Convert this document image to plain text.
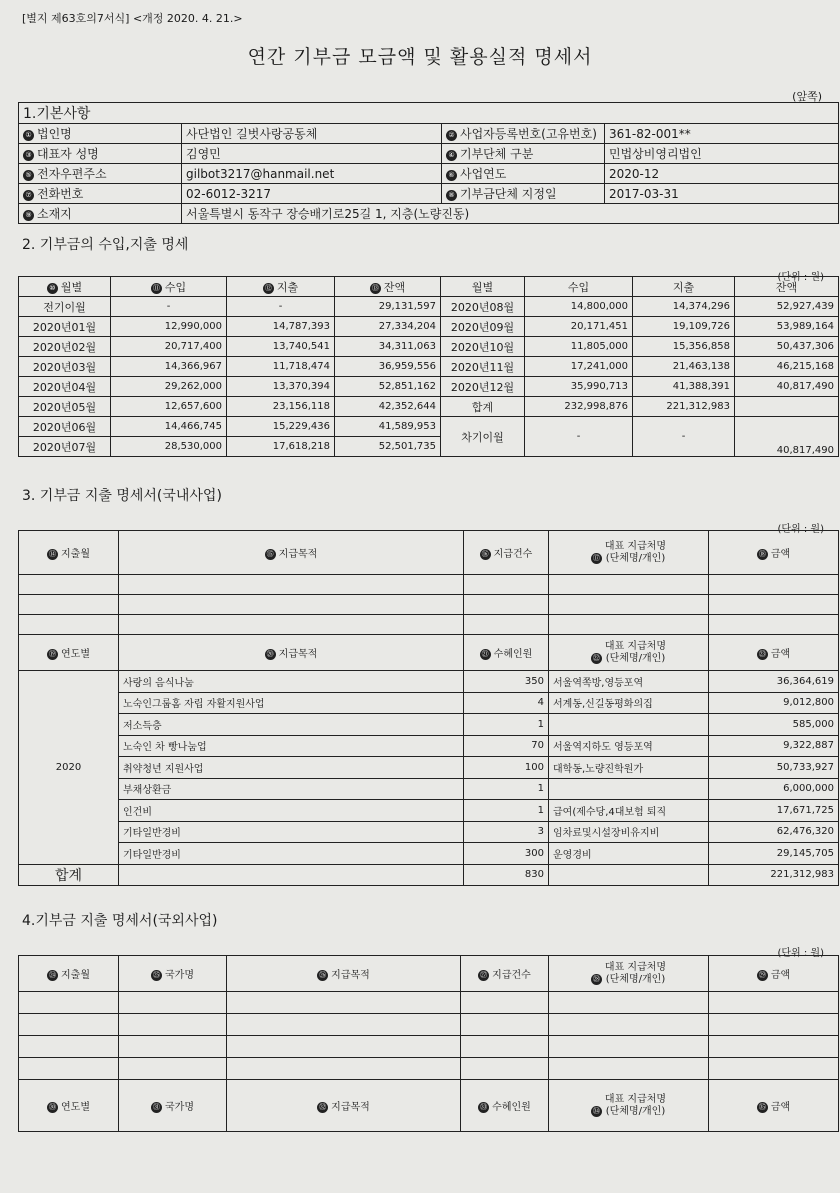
[별지 제63호의7서식] <개정 2020. 4. 21.>
연간 기부금 모금액 및 활용실적 명세서
(앞쪽)
1.기본사항			
① 법인명	사단법인 길벗사랑공동체	② 사업자등록번호(고유번호)	361-82-001**
③ 대표자 성명	김영민	④ 기부단체 구분	민법상비영리법인
⑤ 전자우편주소	gilbot3217@hanmail.net	⑥ 사업연도	2020-12
⑦ 전화번호	02-6012-3217	⑧ 기부금단체 지정일	2017-03-31
⑨ 소재지	서울특별시 동작구 장승배기로25길 1, 지층(노량진동)		
2. 기부금의 수입,지출 명세
(단위 : 원)
⑩ 월별	⑪ 수입	⑫ 지출	⑬ 잔액	월별	수입	지출	잔액
전기이월	-	-	29,131,597	2020년08월	14,800,000	14,374,296	52,927,439
2020년01월	12,990,000	14,787,393	27,334,204	2020년09월	20,171,451	19,109,726	53,989,164
2020년02월	20,717,400	13,740,541	34,311,063	2020년10월	11,805,000	15,356,858	50,437,306
2020년03월	14,366,967	11,718,474	36,959,556	2020년11월	17,241,000	21,463,138	46,215,168
2020년04월	29,262,000	13,370,394	52,851,162	2020년12월	35,990,713	41,388,391	40,817,490
2020년05월	12,657,600	23,156,118	42,352,644	합계	232,998,876	221,312,983	
2020년06월	14,466,745	15,229,436	41,589,953	차기이월	-	-	40,817,490
2020년07월	28,530,000	17,618,218	52,501,735				
3. 기부금 지출 명세서(국내사업)
(단위 : 원)
⑭ 지출월	⑮ 지급목적	⑯ 지급건수	⑰대표 지급처명
(단체명/개인)	⑱ 금액

⑲ 연도별	⑳ 지급목적	㉑ 수혜인원	㉒대표 지급처명
(단체명/개인)	㉓ 금액
2020	사랑의 음식나눔	350	서울역쪽방,영등포역	36,364,619
	노숙인그룹홈 자립 자활지원사업	4	서계동,신길동평화의집	9,012,800
	저소득층	1		585,000
	노숙인 차 빵나눔업	70	서울역지하도 영등포역	9,322,887
	취약청년 지원사업	100	대학동,노량진학원가	50,733,927
	부채상환금	1		6,000,000
	인건비	1	급여(제수당,4대보험 퇴직	17,671,725
	기타일반경비	3	임차료및시설장비유지비	62,476,320
	기타일반경비	300	운영경비	29,145,705
합계		830		221,312,983
4.기부금 지출 명세서(국외사업)
(단위 : 원)
㉔ 지출월	㉕ 국가명	㉖ 지급목적	㉗ 지급건수	㉘대표 지급처명
(단체명/개인)	㉙ 금액

㉚ 연도별	㉛ 국가명	㉜ 지급목적	㉝ 수혜인원	㉞대표 지급처명
(단체명/개인)	㉟ 금액
